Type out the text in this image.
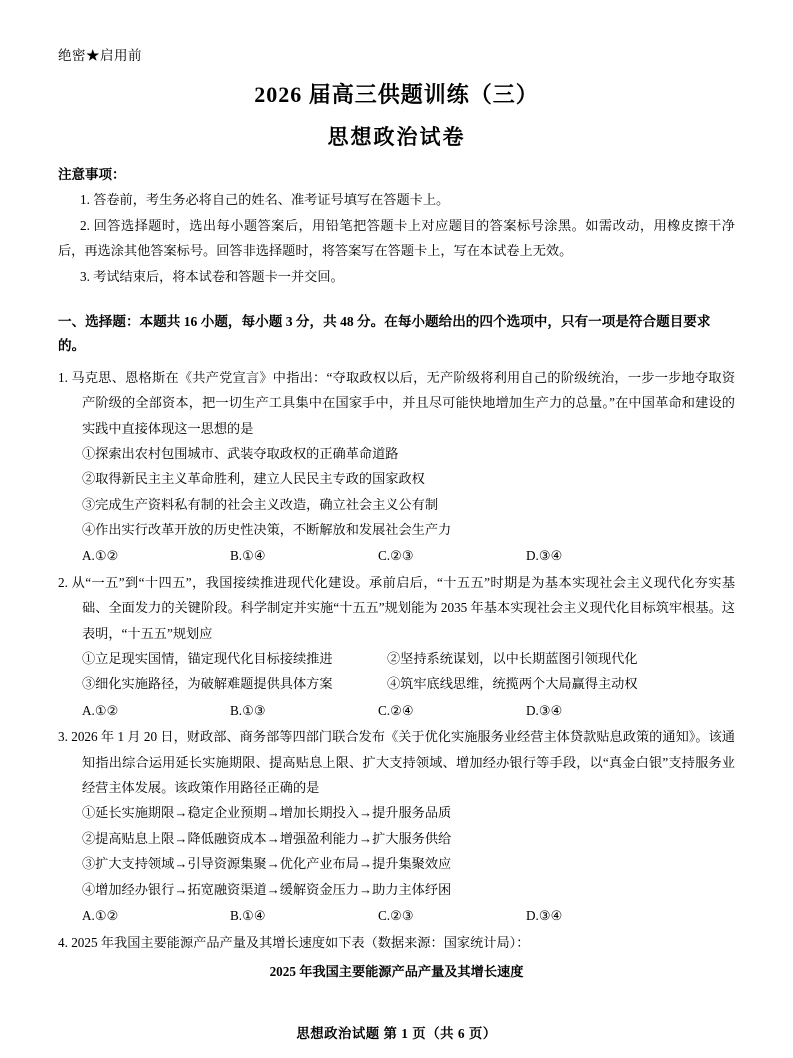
绝密★启用前
2026 届高三供题训练（三）
思想政治试卷
注意事项：

1. 答卷前，考生务必将自己的姓名、准考证号填写在答题卡上。

2. 回答选择题时，选出每小题答案后，用铅笔把答题卡上对应题目的答案标号涂黑。如需改动，用橡皮擦干净后，再选涂其他答案标号。回答非选择题时，将答案写在答题卡上，写在本试卷上无效。

3. 考试结束后，将本试卷和答题卡一并交回。

一、选择题：本题共 16 小题，每小题 3 分，共 48 分。在每小题给出的四个选项中，只有一项是符合题目要求的。
1. 马克思、恩格斯在《共产党宣言》中指出：“夺取政权以后，无产阶级将利用自己的阶级统治，一步一步地夺取资产阶级的全部资本，把一切生产工具集中在国家手中，并且尽可能快地增加生产力的总量。”在中国革命和建设的实践中直接体现这一思想的是
①探索出农村包围城市、武装夺取政权的正确革命道路
②取得新民主主义革命胜利，建立人民民主专政的国家政权
③完成生产资料私有制的社会主义改造，确立社会主义公有制
④作出实行改革开放的历史性决策，不断解放和发展社会生产力
A.①②	B.①④	C.②③	D.③④
2. 从“一五”到“十四五”，我国接续推进现代化建设。承前启后，“十五五”时期是为基本实现社会主义现代化夯实基础、全面发力的关键阶段。科学制定并实施“十五五”规划能为 2035 年基本实现社会主义现代化目标筑牢根基。这表明，“十五五”规划应
①立足现实国情，锚定现代化目标接续推进	②坚持系统谋划，以中长期蓝图引领现代化
③细化实施路径，为破解难题提供具体方案	④筑牢底线思维，统揽两个大局赢得主动权
A.①②	B.①③	C.②④	D.③④
3. 2026 年 1 月 20 日，财政部、商务部等四部门联合发布《关于优化实施服务业经营主体贷款贴息政策的通知》。该通知指出综合运用延长实施期限、提高贴息上限、扩大支持领域、增加经办银行等手段，以“真金白银”支持服务业经营主体发展。该政策作用路径正确的是
①延长实施期限→稳定企业预期→增加长期投入→提升服务品质
②提高贴息上限→降低融资成本→增强盈利能力→扩大服务供给
③扩大支持领域→引导资源集聚→优化产业布局→提升集聚效应
④增加经办银行→拓宽融资渠道→缓解资金压力→助力主体纾困
A.①②	B.①④	C.②③	D.③④
4. 2025 年我国主要能源产品产量及其增长速度如下表（数据来源：国家统计局）：
2025 年我国主要能源产品产量及其增长速度
思想政治试题 第 1 页（共 6 页）
